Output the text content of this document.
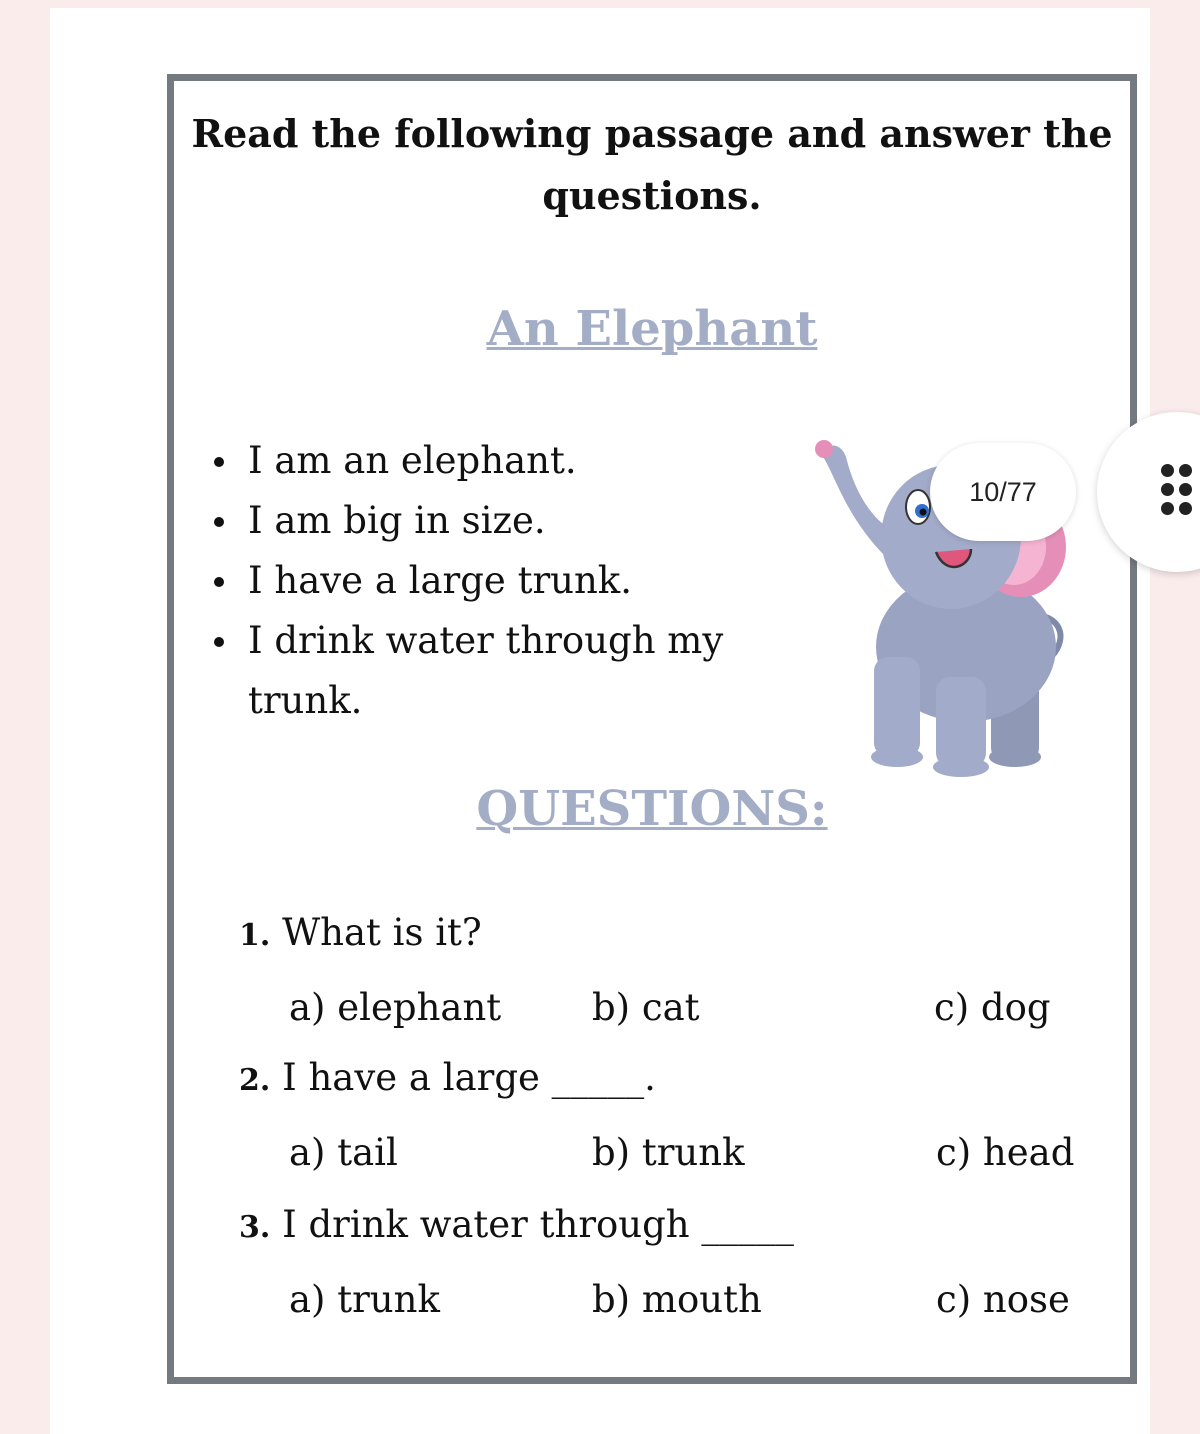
Read the following passage and answer the
questions.
An Elephant
I am an elephant.
I am big in size.
I have a large trunk.
I drink water through my trunk.
QUESTIONS:
1. What is it?
a) elephant b) cat	c) dog
2. I have a large _____.
a) tail	b) trunk	c) head
3. I drink water through _____
a) trunk	b) mouth	c) nose
10/77
